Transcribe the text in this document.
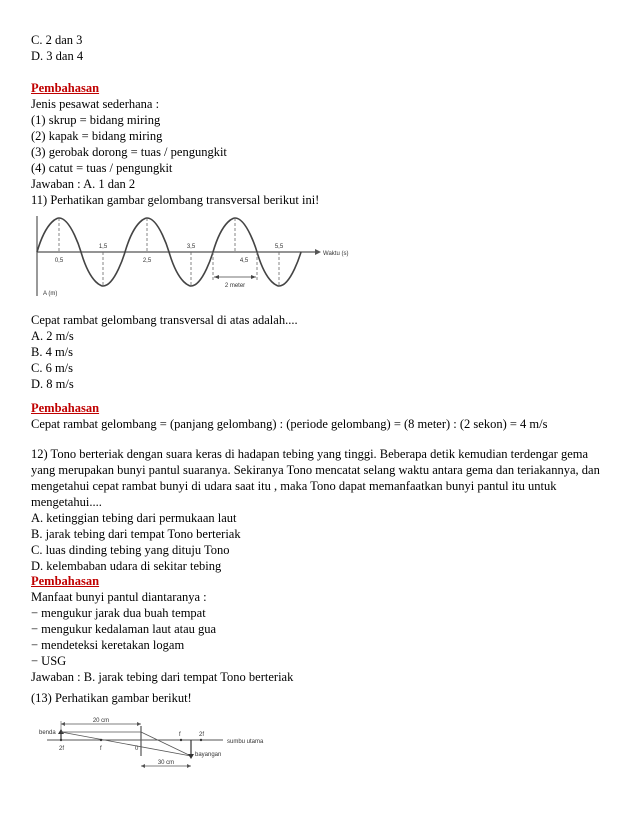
C. 2 dan 3
D. 3 dan 4
Pembahasan
Jenis pesawat sederhana :
(1) skrup = bidang miring
(2) kapak = bidang miring
(3) gerobak dorong = tuas / pengungkit
(4) catut = tuas / pengungkit
Jawaban : A. 1 dan 2
11) Perhatikan gambar gelombang transversal berikut ini!
0,5
1,5
2,5
3,5
4,5
5,5
2 meter
Waktu (s)
A (m)
Cepat rambat gelombang transversal di atas adalah....
A. 2 m/s
B. 4 m/s
C. 6 m/s
D. 8 m/s
Pembahasan
Cepat rambat gelombang = (panjang gelombang) : (periode gelombang) = (8 meter) : (2 sekon) = 4 m/s
12) Tono berteriak dengan suara keras di hadapan tebing yang tinggi. Beberapa detik kemudian terdengar gema
yang merupakan bunyi pantul suaranya. Sekiranya Tono mencatat selang waktu antara gema dan teriakannya, dan
mengetahui cepat rambat bunyi di udara saat itu , maka Tono dapat memanfaatkan bunyi pantul itu untuk
mengetahui....
A. ketinggian tebing dari permukaan laut
B. jarak tebing dari tempat Tono berteriak
C. luas dinding tebing yang dituju Tono
D. kelembaban udara di sekitar tebing
Pembahasan
Manfaat bunyi pantul diantaranya :
− mengukur jarak dua buah tempat
− mengukur kedalaman laut atau gua
− mendeteksi keretakan logam
− USG
Jawaban : B. jarak tebing dari tempat Tono berteriak
(13) Perhatikan gambar berikut!
20 cm
30 cm
benda
2f	f	0
f	2f
sumbu utama
bayangan
